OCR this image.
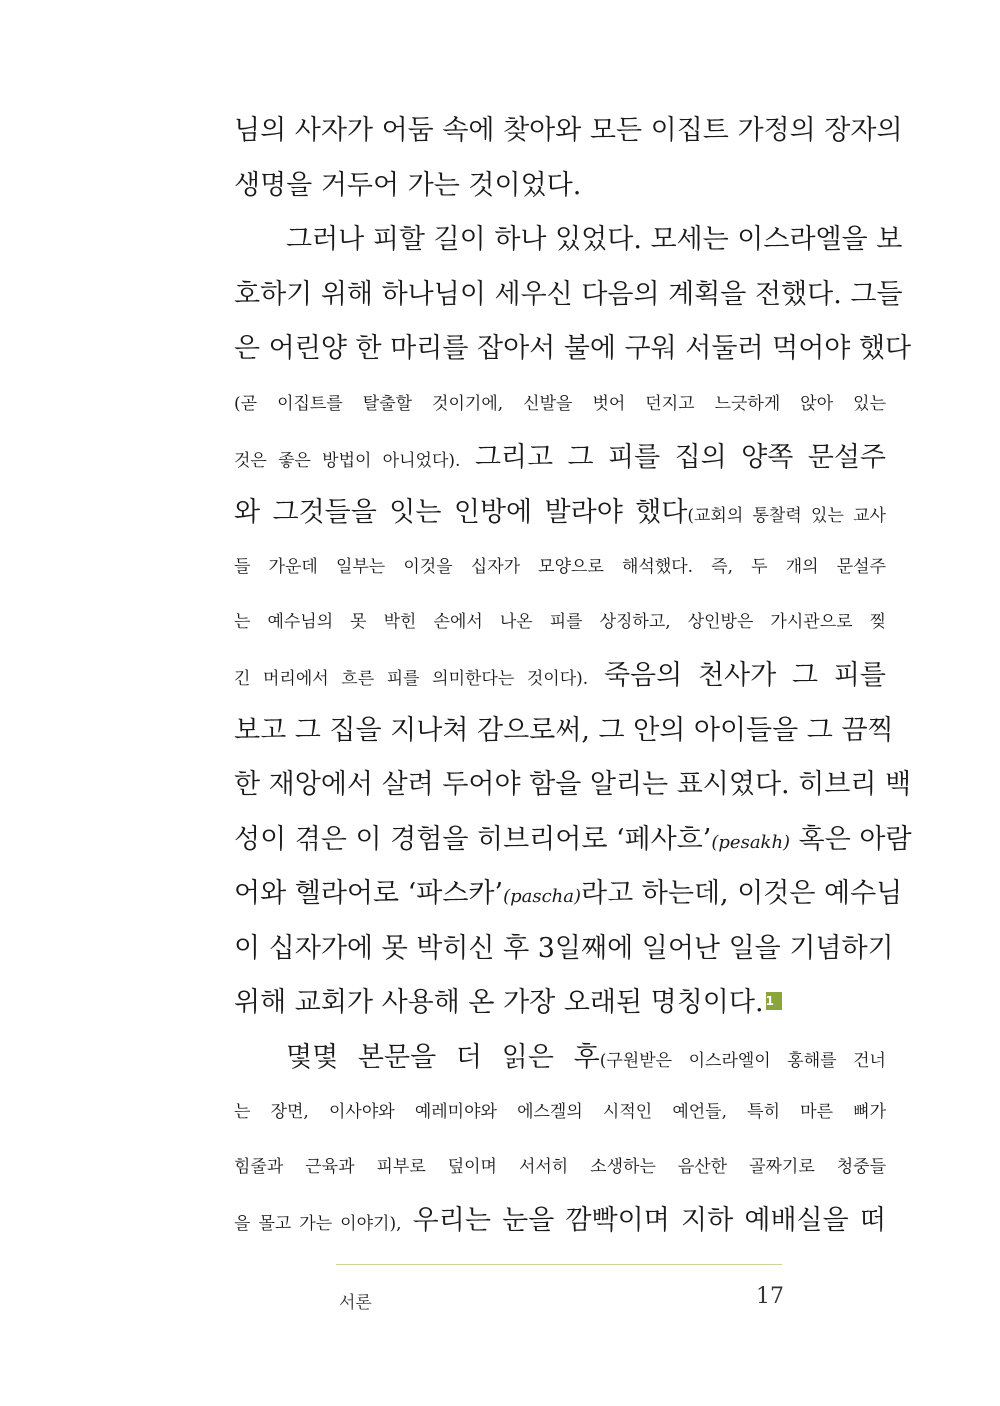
님의 사자가 어둠 속에 찾아와 모든 이집트 가정의 장자의
생명을 거두어 가는 것이었다.
그러나 피할 길이 하나 있었다. 모세는 이스라엘을 보
호하기 위해 하나님이 세우신 다음의 계획을 전했다. 그들
은 어린양 한 마리를 잡아서 불에 구워 서둘러 먹어야 했다
(곧 이집트를 탈출할 것이기에, 신발을 벗어 던지고 느긋하게 앉아 있는
것은 좋은 방법이 아니었다). 그리고 그 피를 집의 양쪽 문설주
와 그것들을 잇는 인방에 발라야 했다(교회의 통찰력 있는 교사
들 가운데 일부는 이것을 십자가 모양으로 해석했다. 즉, 두 개의 문설주
는 예수님의 못 박힌 손에서 나온 피를 상징하고, 상인방은 가시관으로 찢
긴 머리에서 흐른 피를 의미한다는 것이다). 죽음의 천사가 그 피를
보고 그 집을 지나쳐 감으로써, 그 안의 아이들을 그 끔찍
한 재앙에서 살려 두어야 함을 알리는 표시였다. 히브리 백
성이 겪은 이 경험을 히브리어로 ‘페사흐’(pesakh) 혹은 아람
어와 헬라어로 ‘파스카’(pascha)라고 하는데, 이것은 예수님
이 십자가에 못 박히신 후 3일째에 일어난 일을 기념하기
위해 교회가 사용해 온 가장 오래된 명칭이다. 1
몇몇 본문을 더 읽은 후(구원받은 이스라엘이 홍해를 건너
는 장면, 이사야와 예레미야와 에스겔의 시적인 예언들, 특히 마른 뼈가
힘줄과 근육과 피부로 덮이며 서서히 소생하는 음산한 골짜기로 청중들
을 몰고 가는 이야기), 우리는 눈을 깜빡이며 지하 예배실을 떠
서론	17
